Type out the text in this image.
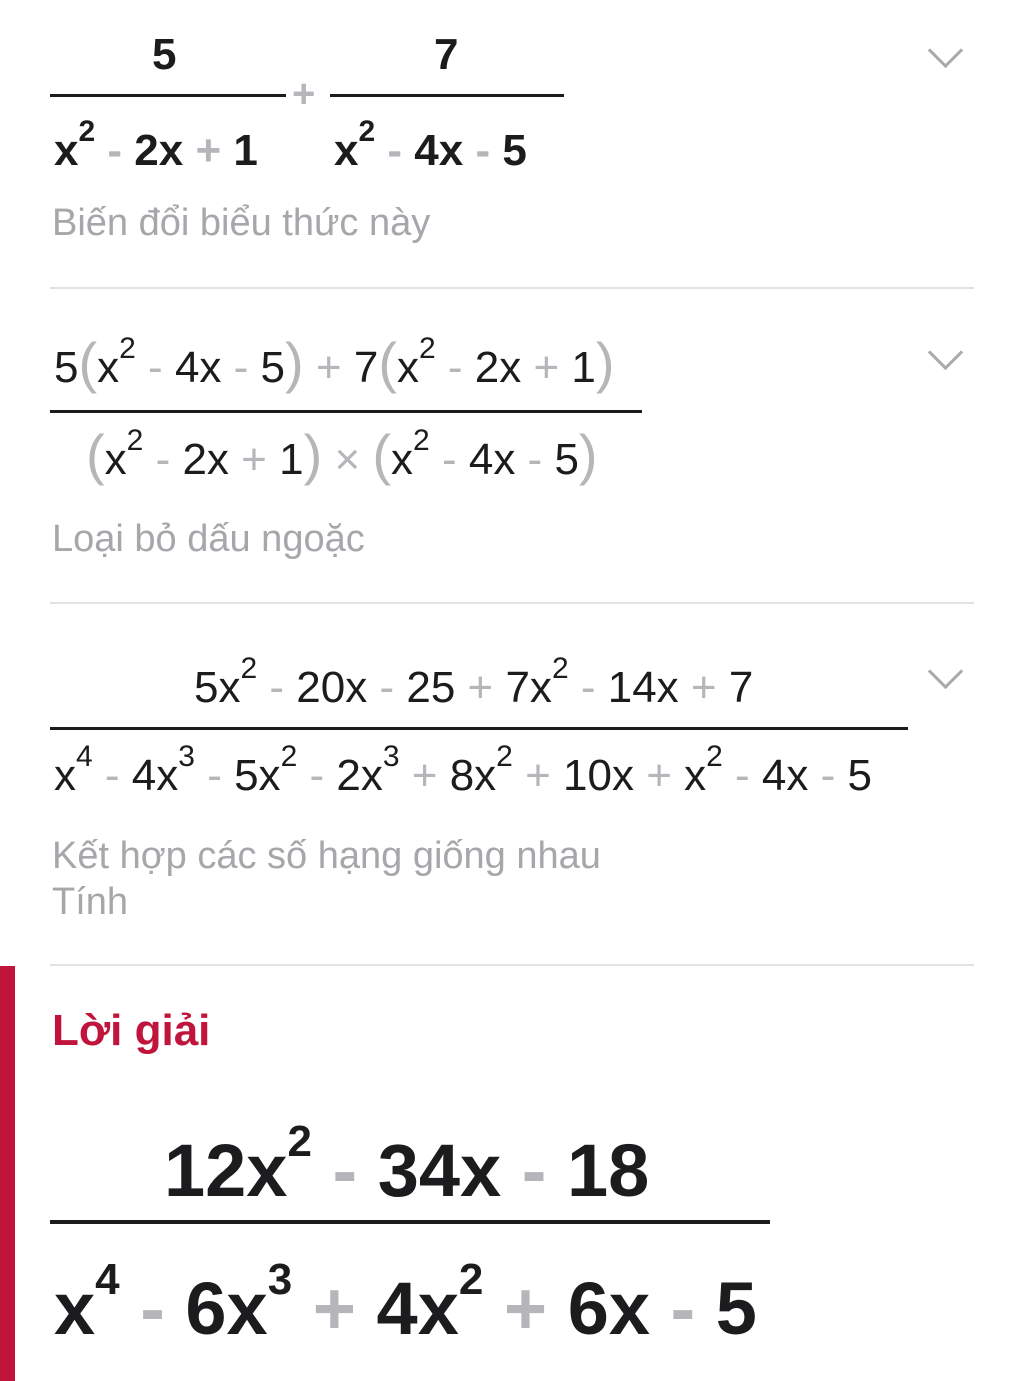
5
$x^2 - 2x + 1$
+
7
$x^2 - 4x - 5$
Biến đổi biểu thức này
$5(x^2 - 4x - 5) + 7(x^2 - 2x + 1)$
$(x^2 - 2x + 1) \times (x^2 - 4x - 5)$
Loại bỏ dấu ngoặc
$5x^2 - 20x - 25 + 7x^2 - 14x + 7$
$x^4 - 4x^3 - 5x^2 - 2x^3 + 8x^2 + 10x + x^2 - 4x - 5$
Kết hợp các số hạng giống nhau
Tính
Lời giải
$12x^2 - 34x - 18$
$x^4 - 6x^3 + 4x^2 + 6x - 5$
